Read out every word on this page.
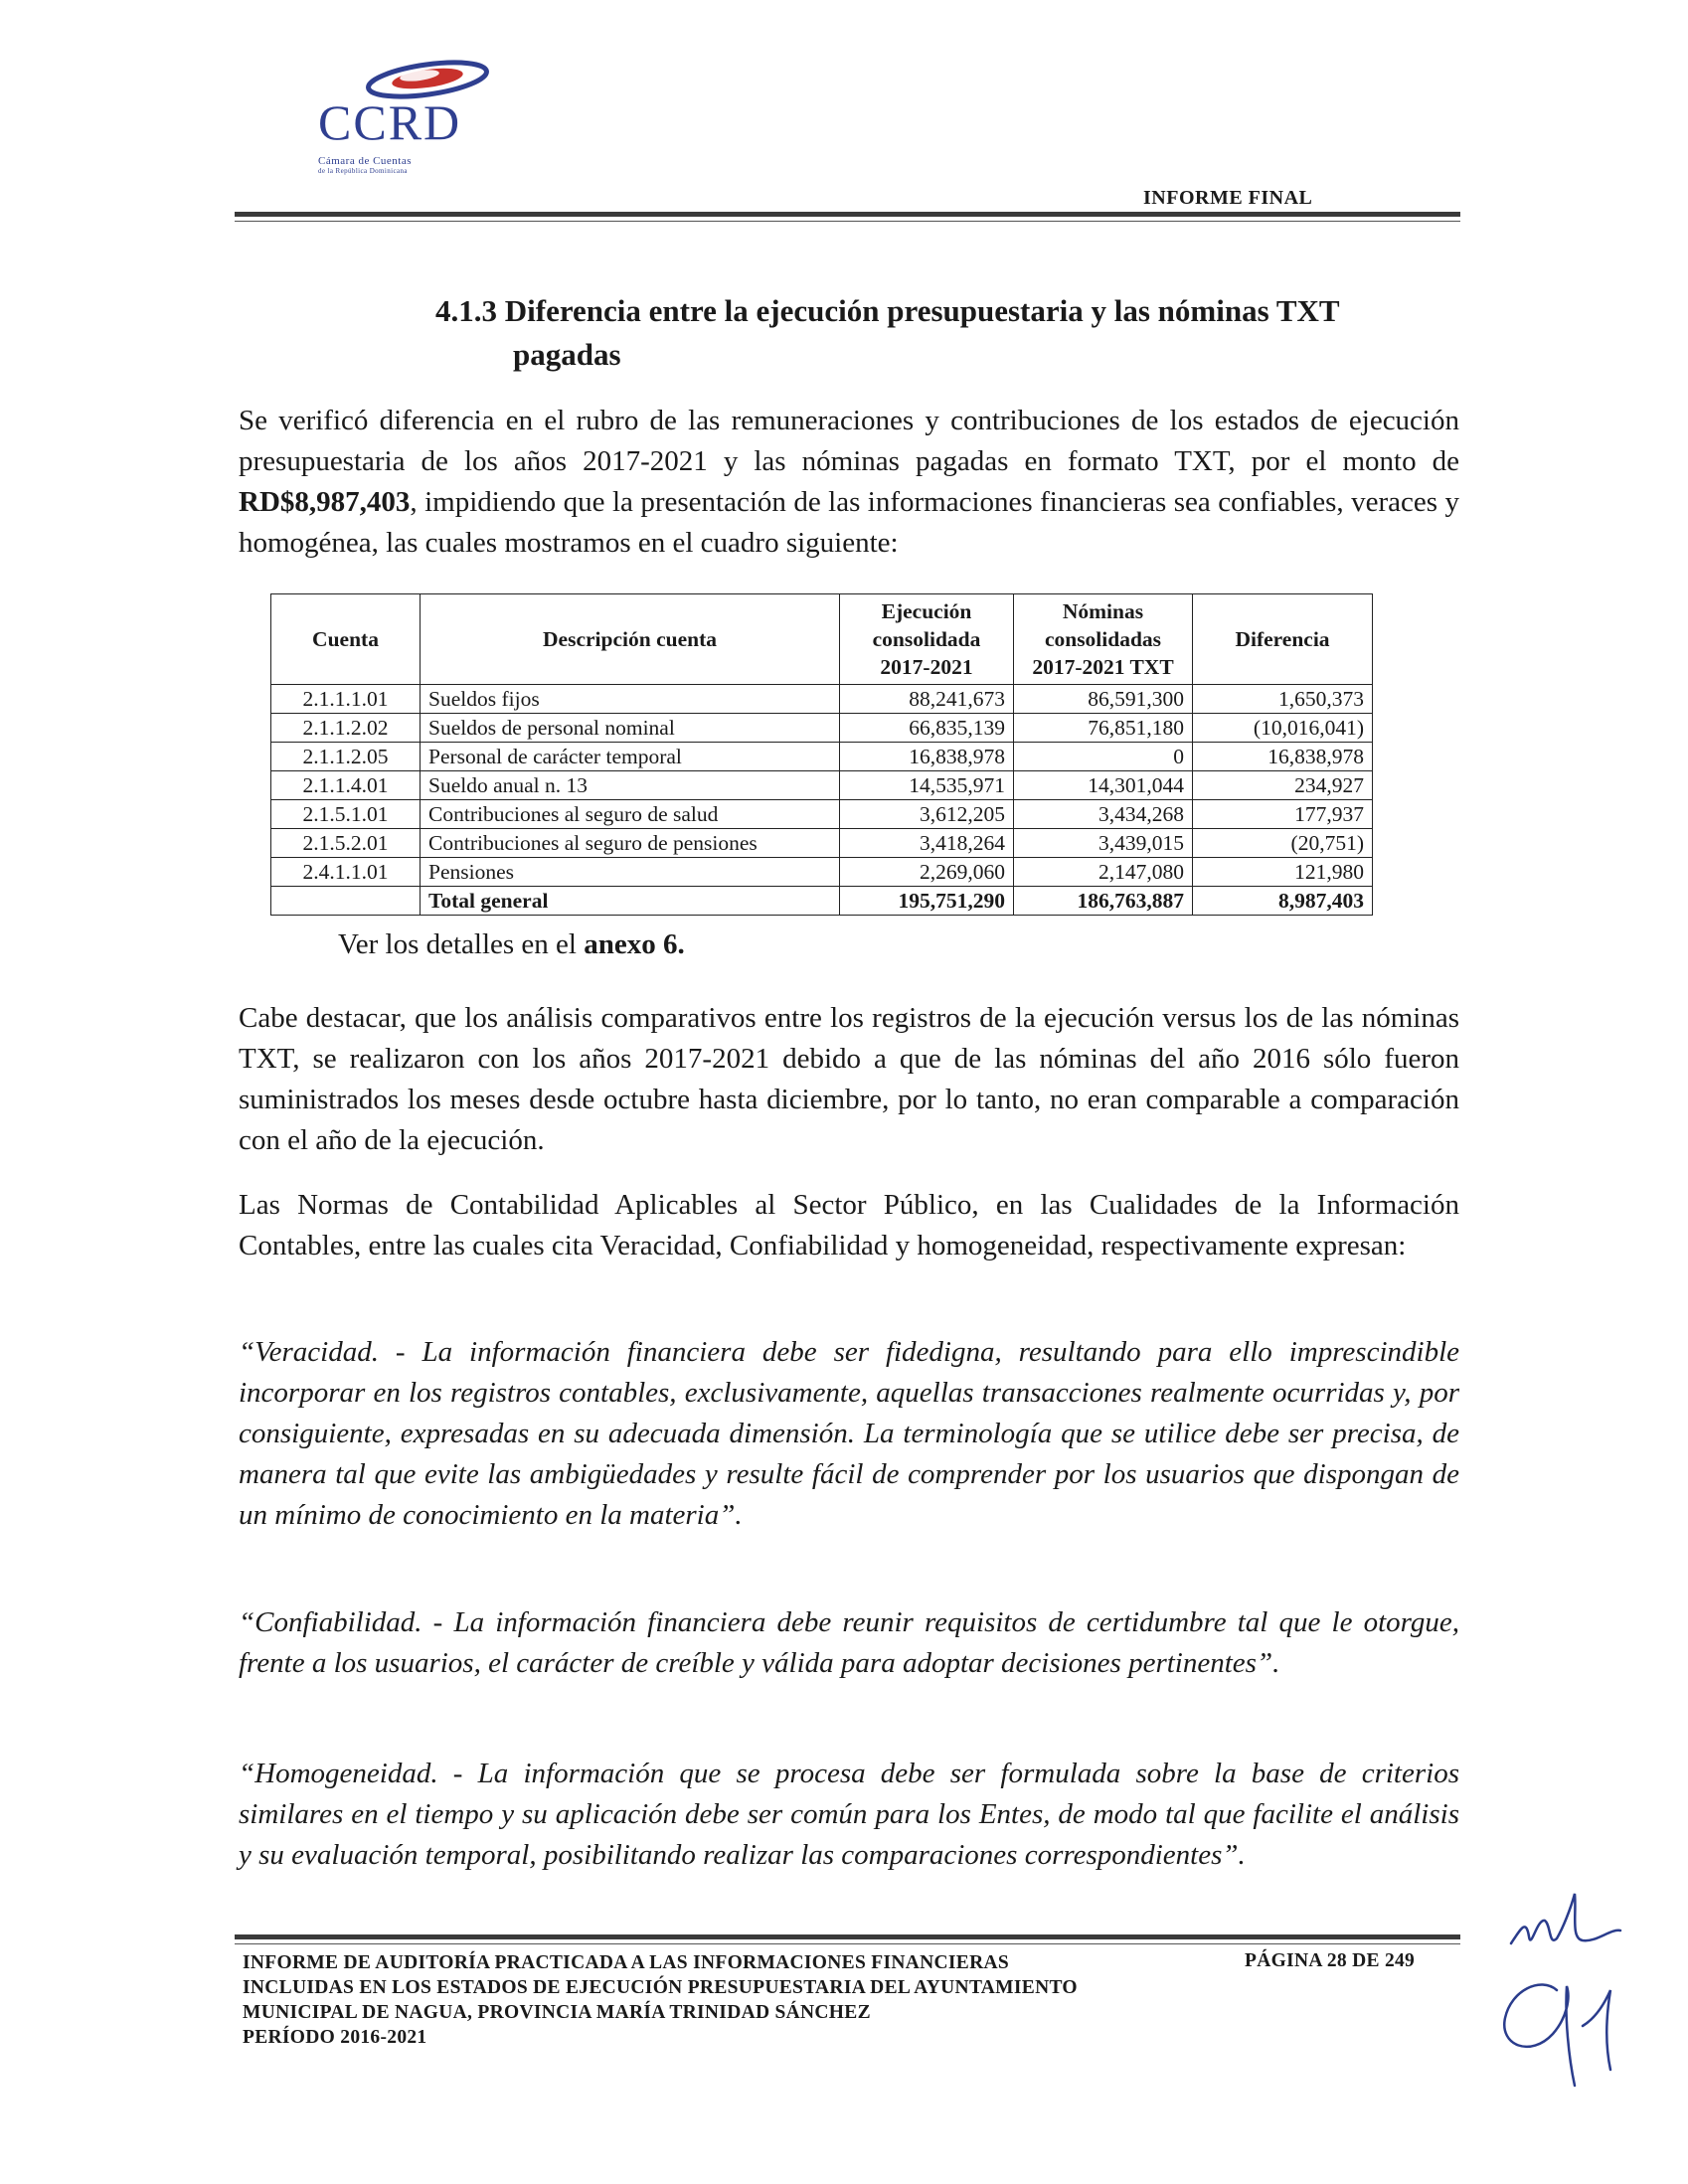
CCRD
Cámara de Cuentas
de la República Dominicana
INFORME FINAL
4.1.3 Diferencia entre la ejecución presupuestaria y las nóminas TXT
pagadas

Se verificó diferencia en el rubro de las remuneraciones y contribuciones de los estados de ejecución presupuestaria de los años 2017-2021 y las nóminas pagadas en formato TXT, por el monto de RD$8,987,403, impidiendo que la presentación de las informaciones financieras sea confiables, veraces y homogénea, las cuales mostramos en el cuadro siguiente:

Cuenta	Descripción cuenta	Ejecución consolidada 2017-2021	Nóminas consolidadas 2017-2021 TXT	Diferencia
2.1.1.1.01	Sueldos fijos	88,241,673	86,591,300	1,650,373
2.1.1.2.02	Sueldos de personal nominal	66,835,139	76,851,180	(10,016,041)
2.1.1.2.05	Personal de carácter temporal	16,838,978	0	16,838,978
2.1.1.4.01	Sueldo anual n. 13	14,535,971	14,301,044	234,927
2.1.5.1.01	Contribuciones al seguro de salud	3,612,205	3,434,268	177,937
2.1.5.2.01	Contribuciones al seguro de pensiones	3,418,264	3,439,015	(20,751)
2.4.1.1.01	Pensiones	2,269,060	2,147,080	121,980
	Total general	195,751,290	186,763,887	8,987,403
Ver los detalles en el anexo 6.

Cabe destacar, que los análisis comparativos entre los registros de la ejecución versus los de las nóminas TXT, se realizaron con los años 2017-2021 debido a que de las nóminas del año 2016 sólo fueron suministrados los meses desde octubre hasta diciembre, por lo tanto, no eran comparable a comparación con el año de la ejecución.

Las Normas de Contabilidad Aplicables al Sector Público, en las Cualidades de la Información Contables, entre las cuales cita Veracidad, Confiabilidad y homogeneidad, respectivamente expresan:

“Veracidad. - La información financiera debe ser fidedigna, resultando para ello imprescindible incorporar en los registros contables, exclusivamente, aquellas transacciones realmente ocurridas y, por consiguiente, expresadas en su adecuada dimensión. La terminología que se utilice debe ser precisa, de manera tal que evite las ambigüedades y resulte fácil de comprender por los usuarios que dispongan de un mínimo de conocimiento en la materia”.

“Confiabilidad. - La información financiera debe reunir requisitos de certidumbre tal que le otorgue, frente a los usuarios, el carácter de creíble y válida para adoptar decisiones pertinentes”.

“Homogeneidad. - La información que se procesa debe ser formulada sobre la base de criterios similares en el tiempo y su aplicación debe ser común para los Entes, de modo tal que facilite el análisis y su evaluación temporal, posibilitando realizar las comparaciones correspondientes”.

INFORME DE AUDITORÍA PRACTICADA A LAS INFORMACIONES FINANCIERAS
INCLUIDAS EN LOS ESTADOS DE EJECUCIÓN PRESUPUESTARIA DEL AYUNTAMIENTO
MUNICIPAL DE NAGUA, PROVINCIA MARÍA TRINIDAD SÁNCHEZ
PERÍODO 2016-2021
PÁGINA 28 DE 249
